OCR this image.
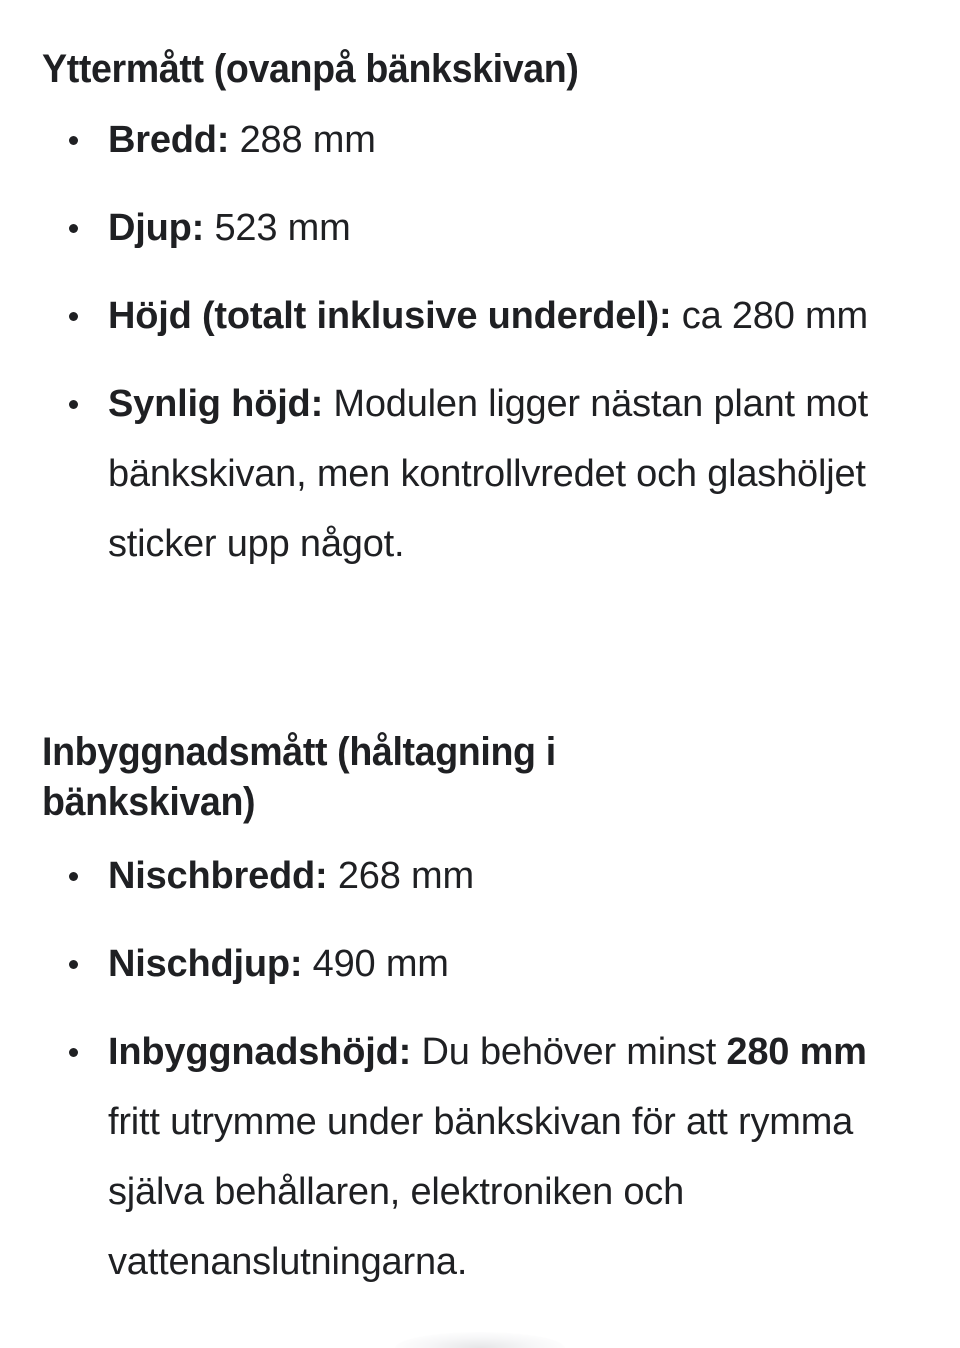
Yttermått (ovanpå bänkskivan)
Bredd: 288 mm
Djup: 523 mm
Höjd (totalt inklusive underdel): ca 280 mm
Synlig höjd: Modulen ligger nästan plant mot bänkskivan, men kontrollvredet och glashöljet sticker upp något.
Inbyggnadsmått (håltagning i bänkskivan)
Nischbredd: 268 mm
Nischdjup: 490 mm
Inbyggnadshöjd: Du behöver minst 280 mm fritt utrymme under bänkskivan för att rymma själva behållaren, elektroniken och vattenanslutningarna.
